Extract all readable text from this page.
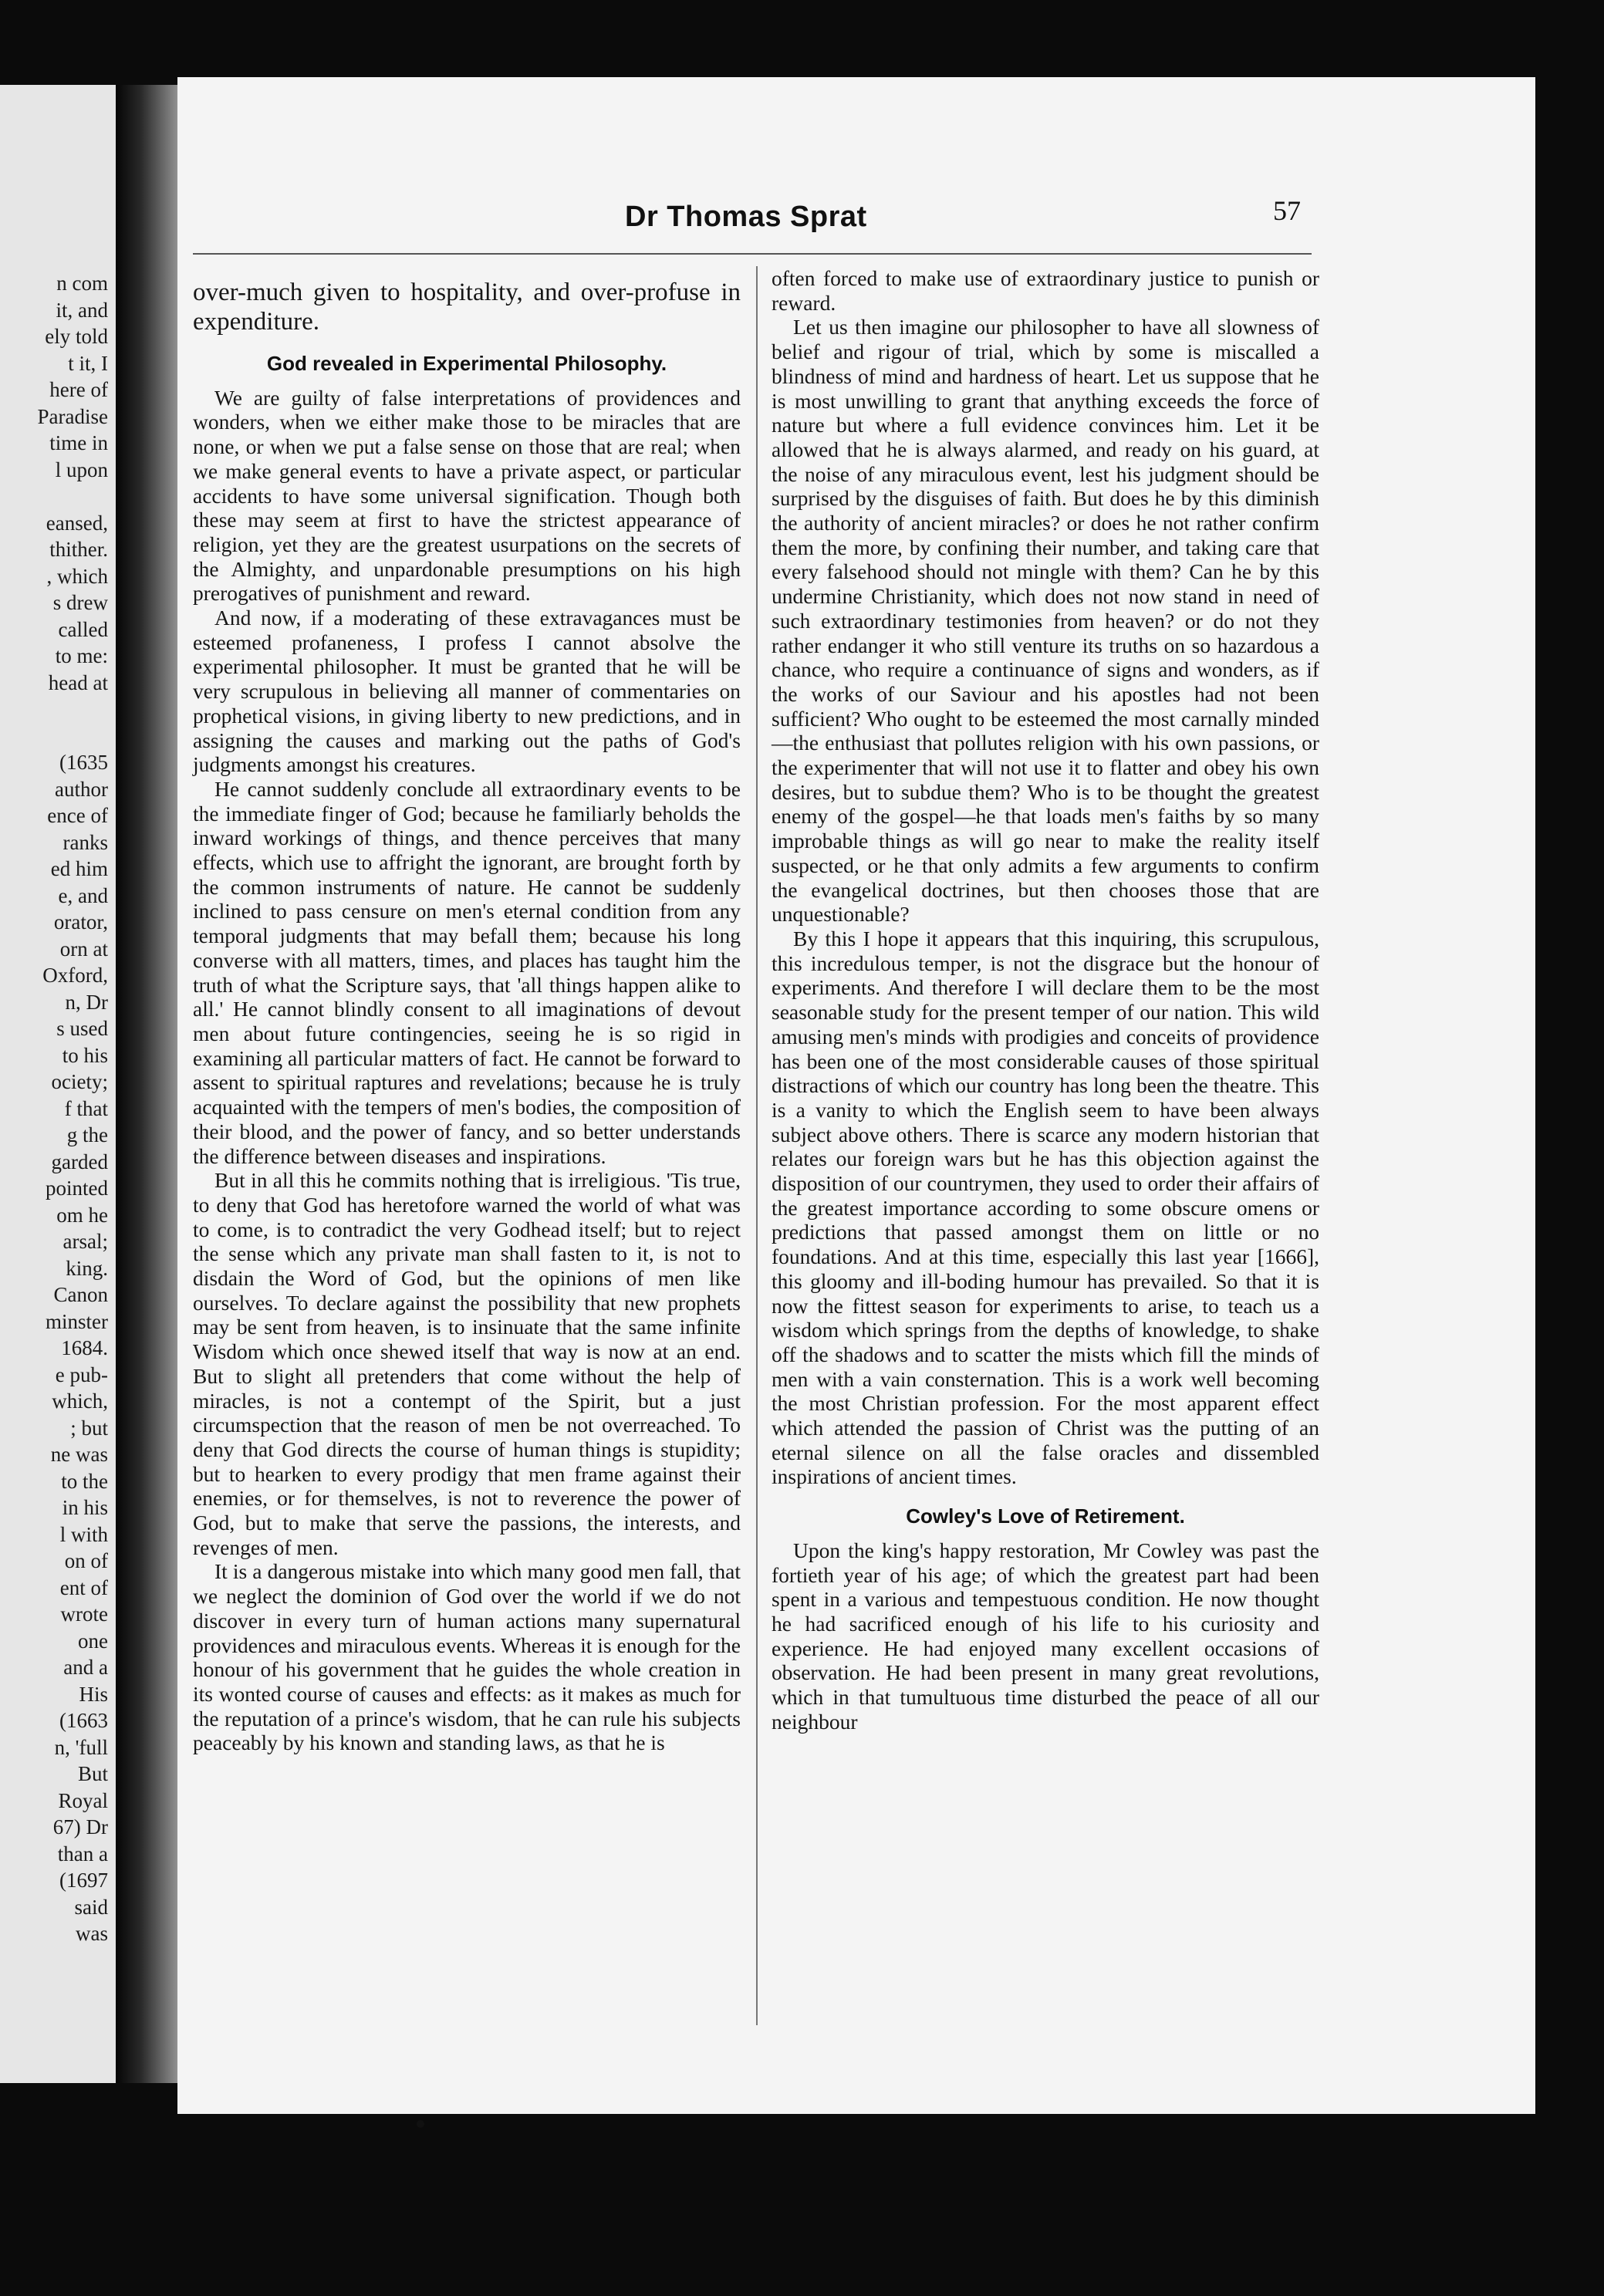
n com
it, and
ely told
t it, I
here of
Paradise
time in
l upon
eansed,
thither.
, which
s drew
called
to me:
head at
(1635
author
ence of
ranks
ed him
e, and
orator,
orn at
Oxford,
n, Dr
s used
to his
ociety;
f that
g the
garded
pointed
om he
arsal;
king.
Canon
minster
1684.
e pub-
which,
; but
ne was
to the
in his
l with
on of
ent of
wrote
one
and a
His
(1663
n, 'full
But
Royal
67) Dr
than a
(1697
said
was
Dr Thomas Sprat	57

over-much given to hospitality, and over-profuse in expenditure.

God revealed in Experimental Philosophy.

We are guilty of false interpretations of providences and wonders, when we either make those to be miracles that are none, or when we put a false sense on those that are real; when we make general events to have a private aspect, or particular accidents to have some universal signification. Though both these may seem at first to have the strictest appearance of religion, yet they are the greatest usurpations on the secrets of the Almighty, and unpardonable presumptions on his high prerogatives of punishment and reward.

And now, if a moderating of these extravagances must be esteemed profaneness, I profess I cannot absolve the experimental philosopher. It must be granted that he will be very scrupulous in believing all manner of commentaries on prophetical visions, in giving liberty to new predictions, and in assigning the causes and marking out the paths of God's judgments amongst his creatures.

He cannot suddenly conclude all extraordinary events to be the immediate finger of God; because he familiarly beholds the inward workings of things, and thence perceives that many effects, which use to affright the ignorant, are brought forth by the common instruments of nature. He cannot be suddenly inclined to pass censure on men's eternal condition from any temporal judgments that may befall them; because his long converse with all matters, times, and places has taught him the truth of what the Scripture says, that 'all things happen alike to all.' He cannot blindly consent to all imaginations of devout men about future contingencies, seeing he is so rigid in examining all particular matters of fact. He cannot be forward to assent to spiritual raptures and revelations; because he is truly acquainted with the tempers of men's bodies, the composition of their blood, and the power of fancy, and so better understands the difference between diseases and inspirations.

But in all this he commits nothing that is irreligious. 'Tis true, to deny that God has heretofore warned the world of what was to come, is to contradict the very Godhead itself; but to reject the sense which any private man shall fasten to it, is not to disdain the Word of God, but the opinions of men like ourselves. To declare against the possibility that new prophets may be sent from heaven, is to insinuate that the same infinite Wisdom which once shewed itself that way is now at an end. But to slight all pretenders that come without the help of miracles, is not a contempt of the Spirit, but a just circumspection that the reason of men be not overreached. To deny that God directs the course of human things is stupidity; but to hearken to every prodigy that men frame against their enemies, or for themselves, is not to reverence the power of God, but to make that serve the passions, the interests, and revenges of men.

It is a dangerous mistake into which many good men fall, that we neglect the dominion of God over the world if we do not discover in every turn of human actions many supernatural providences and miraculous events. Whereas it is enough for the honour of his government that he guides the whole creation in its wonted course of causes and effects: as it makes as much for the reputation of a prince's wisdom, that he can rule his subjects peaceably by his known and standing laws, as that he is

often forced to make use of extraordinary justice to punish or reward.

Let us then imagine our philosopher to have all slowness of belief and rigour of trial, which by some is miscalled a blindness of mind and hardness of heart. Let us suppose that he is most unwilling to grant that anything exceeds the force of nature but where a full evidence convinces him. Let it be allowed that he is always alarmed, and ready on his guard, at the noise of any miraculous event, lest his judgment should be surprised by the disguises of faith. But does he by this diminish the authority of ancient miracles? or does he not rather confirm them the more, by confining their number, and taking care that every falsehood should not mingle with them? Can he by this undermine Christianity, which does not now stand in need of such extraordinary testimonies from heaven? or do not they rather endanger it who still venture its truths on so hazardous a chance, who require a continuance of signs and wonders, as if the works of our Saviour and his apostles had not been sufficient? Who ought to be esteemed the most carnally minded—the enthusiast that pollutes religion with his own passions, or the experimenter that will not use it to flatter and obey his own desires, but to subdue them? Who is to be thought the greatest enemy of the gospel—he that loads men's faiths by so many improbable things as will go near to make the reality itself suspected, or he that only admits a few arguments to confirm the evangelical doctrines, but then chooses those that are unquestionable?

By this I hope it appears that this inquiring, this scrupulous, this incredulous temper, is not the disgrace but the honour of experiments. And therefore I will declare them to be the most seasonable study for the present temper of our nation. This wild amusing men's minds with prodigies and conceits of providence has been one of the most considerable causes of those spiritual distractions of which our country has long been the theatre. This is a vanity to which the English seem to have been always subject above others. There is scarce any modern historian that relates our foreign wars but he has this objection against the disposition of our countrymen, they used to order their affairs of the greatest importance according to some obscure omens or predictions that passed amongst them on little or no foundations. And at this time, especially this last year [1666], this gloomy and ill-boding humour has prevailed. So that it is now the fittest season for experiments to arise, to teach us a wisdom which springs from the depths of knowledge, to shake off the shadows and to scatter the mists which fill the minds of men with a vain consternation. This is a work well becoming the most Christian profession. For the most apparent effect which attended the passion of Christ was the putting of an eternal silence on all the false oracles and dissembled inspirations of ancient times.

Cowley's Love of Retirement.

Upon the king's happy restoration, Mr Cowley was past the fortieth year of his age; of which the greatest part had been spent in a various and tempestuous condition. He now thought he had sacrificed enough of his life to his curiosity and experience. He had enjoyed many excellent occasions of observation. He had been present in many great revolutions, which in that tumultuous time disturbed the peace of all our neighbour
